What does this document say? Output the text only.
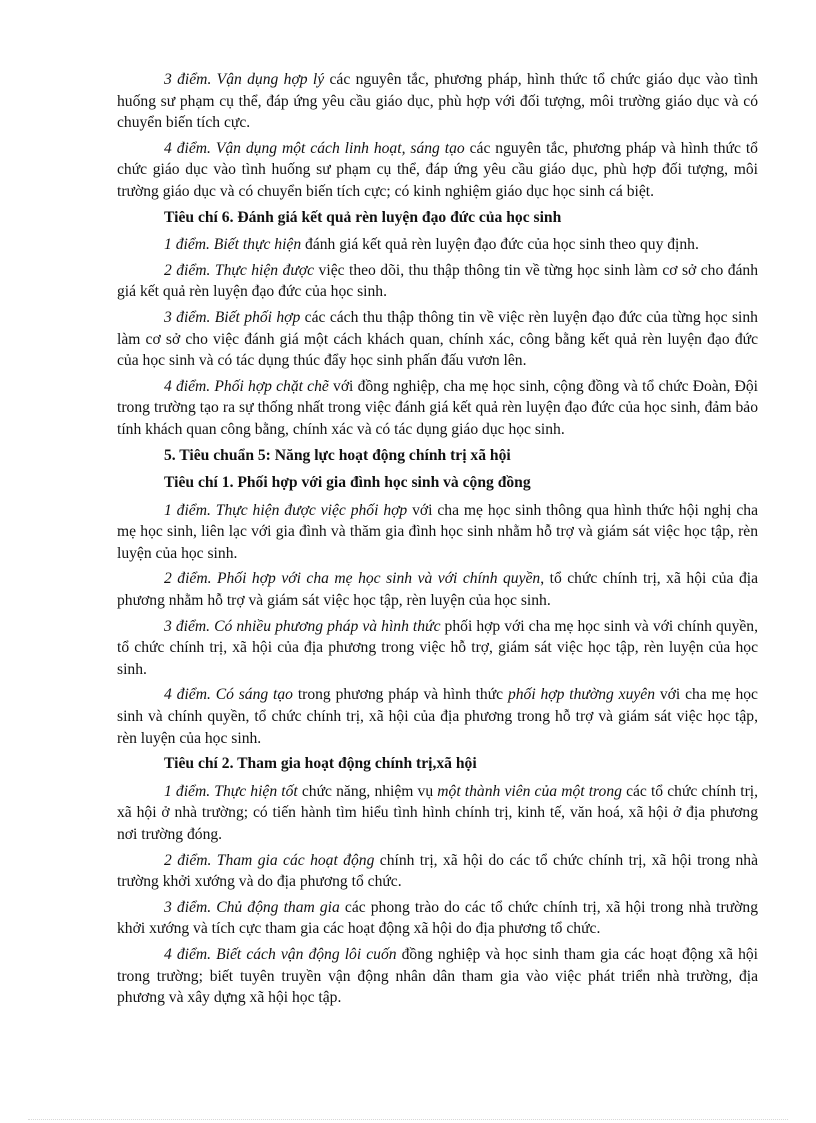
3 điểm. Vận dụng hợp lý các nguyên tắc, phương pháp, hình thức tổ chức giáo dục vào tình huống sư phạm cụ thể, đáp ứng yêu cầu giáo dục, phù hợp với đối tượng, môi trường giáo dục và có chuyển biến tích cực.

4 điểm. Vận dụng một cách linh hoạt, sáng tạo các nguyên tắc, phương pháp và hình thức tổ chức giáo dục vào tình huống sư phạm cụ thể, đáp ứng yêu cầu giáo dục, phù hợp đối tượng, môi trường giáo dục và có chuyển biến tích cực; có kinh nghiệm giáo dục học sinh cá biệt.

Tiêu chí 6. Đánh giá kết quả rèn luyện đạo đức của học sinh

1 điểm. Biết thực hiện đánh giá kết quả rèn luyện đạo đức của học sinh theo quy định.

2 điểm. Thực hiện được việc theo dõi, thu thập thông tin về từng học sinh làm cơ sở cho đánh giá kết quả rèn luyện đạo đức của học sinh.

3 điểm. Biết phối hợp các cách thu thập thông tin về việc rèn luyện đạo đức của từng học sinh làm cơ sở cho việc đánh giá một cách khách quan, chính xác, công bằng kết quả rèn luyện đạo đức của học sinh và có tác dụng thúc đẩy học sinh phấn đấu vươn lên.

4 điểm. Phối hợp chặt chẽ với đồng nghiệp, cha mẹ học sinh, cộng đồng và tổ chức Đoàn, Đội trong trường tạo ra sự thống nhất trong việc đánh giá kết quả rèn luyện đạo đức của học sinh, đảm bảo tính khách quan công bằng, chính xác và có tác dụng giáo dục học sinh.

5. Tiêu chuẩn 5: Năng lực hoạt động chính trị xã hội

Tiêu chí 1. Phối hợp với gia đình học sinh và cộng đồng

1 điểm. Thực hiện được việc phối hợp với cha mẹ học sinh thông qua hình thức hội nghị cha mẹ học sinh, liên lạc với gia đình và thăm gia đình học sinh nhằm hỗ trợ và giám sát việc học tập, rèn luyện của học sinh.

2 điểm. Phối hợp với cha mẹ học sinh và với chính quyền, tổ chức chính trị, xã hội của địa phương nhằm hỗ trợ và giám sát việc học tập, rèn luyện của học sinh.

3 điểm. Có nhiều phương pháp và hình thức phối hợp với cha mẹ học sinh và với chính quyền, tổ chức chính trị, xã hội của địa phương trong việc hỗ trợ, giám sát việc học tập, rèn luyện của học sinh.

4 điểm. Có sáng tạo trong phương pháp và hình thức phối hợp thường xuyên với cha mẹ học sinh và chính quyền, tổ chức chính trị, xã hội của địa phương trong hỗ trợ và giám sát việc học tập, rèn luyện của học sinh.

Tiêu chí 2. Tham gia hoạt động chính trị,xã hội

1 điểm. Thực hiện tốt chức năng, nhiệm vụ một thành viên của một trong các tổ chức chính trị, xã hội ở nhà trường; có tiến hành tìm hiểu tình hình chính trị, kinh tế, văn hoá, xã hội ở địa phương nơi trường đóng.

2 điểm. Tham gia các hoạt động chính trị, xã hội do các tổ chức chính trị, xã hội trong nhà trường khởi xướng và do địa phương tổ chức.

3 điểm. Chủ động tham gia các phong trào do các tổ chức chính trị, xã hội trong nhà trường khởi xướng và tích cực tham gia các hoạt động xã hội do địa phương tổ chức.

4 điểm. Biết cách vận động lôi cuốn đồng nghiệp và học sinh tham gia các hoạt động xã hội trong trường; biết tuyên truyền vận động nhân dân tham gia vào việc phát triển nhà trường, địa phương và xây dựng xã hội học tập.
